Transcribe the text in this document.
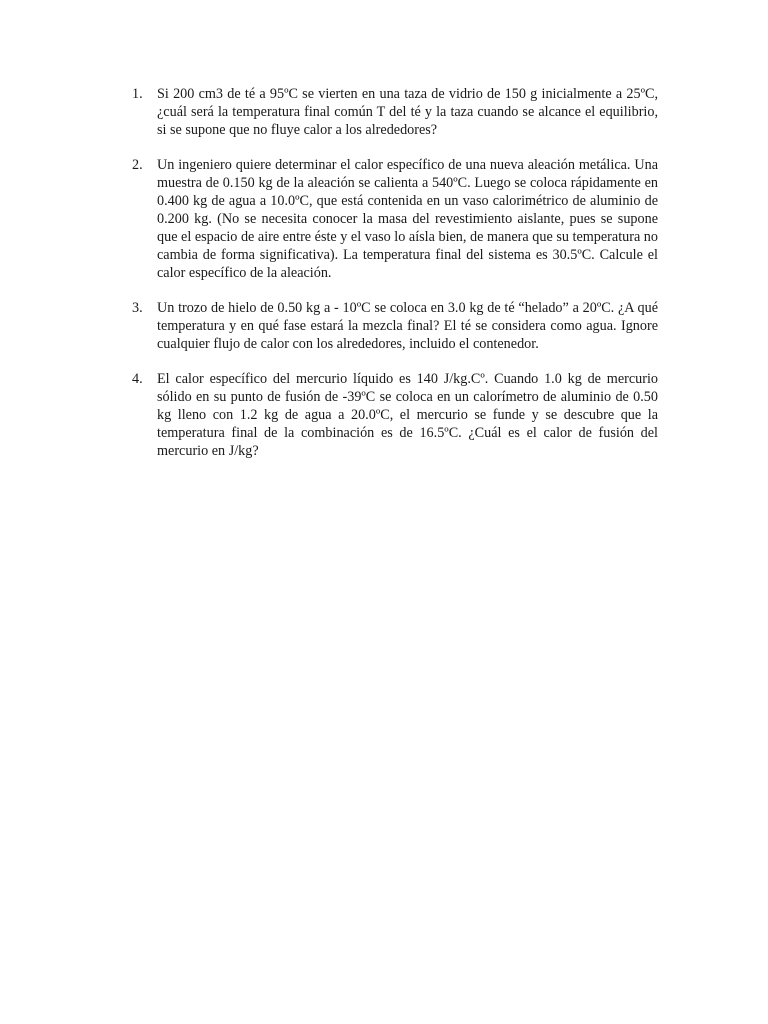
1. Si 200 cm3 de té a 95ºC se vierten en una taza de vidrio de 150 g inicialmente a 25ºC, ¿cuál será la temperatura final común T del té y la taza cuando se alcance el equilibrio, si se supone que no fluye calor a los alrededores?
2. Un ingeniero quiere determinar el calor específico de una nueva aleación metálica. Una muestra de 0.150 kg de la aleación se calienta a 540ºC. Luego se coloca rápidamente en 0.400 kg de agua a 10.0ºC, que está contenida en un vaso calorimétrico de aluminio de 0.200 kg. (No se necesita conocer la masa del revestimiento aislante, pues se supone que el espacio de aire entre éste y el vaso lo aísla bien, de manera que su temperatura no cambia de forma significativa). La temperatura final del sistema es 30.5ºC. Calcule el calor específico de la aleación.
3. Un trozo de hielo de 0.50 kg a - 10ºC se coloca en 3.0 kg de té “helado” a 20ºC. ¿A qué temperatura y en qué fase estará la mezcla final? El té se considera como agua. Ignore cualquier flujo de calor con los alrededores, incluido el contenedor.
4. El calor específico del mercurio líquido es 140 J/kg.Cº. Cuando 1.0 kg de mercurio sólido en su punto de fusión de -39ºC se coloca en un calorímetro de aluminio de 0.50 kg lleno con 1.2 kg de agua a 20.0ºC, el mercurio se funde y se descubre que la temperatura final de la combinación es de 16.5ºC. ¿Cuál es el calor de fusión del mercurio en J/kg?
